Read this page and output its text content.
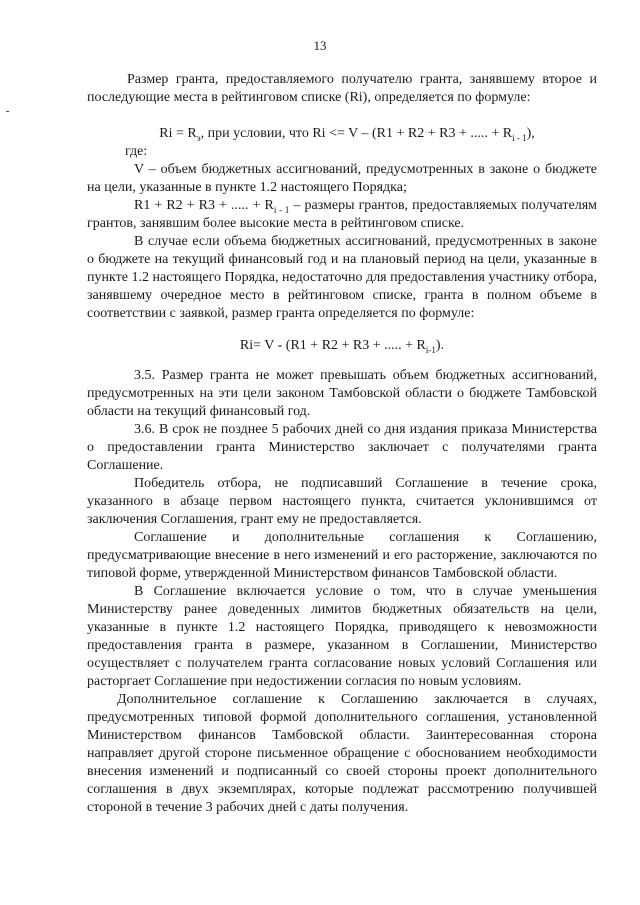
13

Размер гранта, предоставляемого получателю гранта, занявшему второе и последующие места в рейтинговом списке (Ri), определяется по формуле:

$Ri = R_э$, при условии, что Ri <= V – (R1 + R2 + R3 + ..... + $R_{i - 1}$),

где:

V – объем бюджетных ассигнований, предусмотренных в законе о бюджете на цели, указанные в пункте 1.2 настоящего Порядка;

R1 + R2 + R3 + ..... + $R_{i - 1}$ – размеры грантов, предоставляемых получателям грантов, занявшим более высокие места в рейтинговом списке.

В случае если объема бюджетных ассигнований, предусмотренных в законе о бюджете на текущий финансовый год и на плановый период на цели, указанные в пункте 1.2 настоящего Порядка, недостаточно для предоставления участнику отбора, занявшему очередное место в рейтинговом списке, гранта в полном объеме в соответствии с заявкой, размер гранта определяется по формуле:

Ri= V - (R1 + R2 + R3 + ..... + $R_{i-1}$).

3.5. Размер гранта не может превышать объем бюджетных ассигнований, предусмотренных на эти цели законом Тамбовской области о бюджете Тамбовской области на текущий финансовый год.

3.6. В срок не позднее 5 рабочих дней со дня издания приказа Министерства о предоставлении гранта Министерство заключает с получателями гранта Соглашение.

Победитель отбора, не подписавший Соглашение в течение срока, указанного в абзаце первом настоящего пункта, считается уклонившимся от заключения Соглашения, грант ему не предоставляется.

Соглашение и дополнительные соглашения к Соглашению, предусматривающие внесение в него изменений и его расторжение, заключаются по типовой форме, утвержденной Министерством финансов Тамбовской области.

В Соглашение включается условие о том, что в случае уменьшения Министерству ранее доведенных лимитов бюджетных обязательств на цели, указанные в пункте 1.2 настоящего Порядка, приводящего к невозможности предоставления гранта в размере, указанном в Соглашении, Министерство осуществляет с получателем гранта согласование новых условий Соглашения или расторгает Соглашение при недостижении согласия по новым условиям.

Дополнительное соглашение к Соглашению заключается в случаях, предусмотренных типовой формой дополнительного соглашения, установленной Министерством финансов Тамбовской области. Заинтересованная сторона направляет другой стороне письменное обращение с обоснованием необходимости внесения изменений и подписанный со своей стороны проект дополнительного соглашения в двух экземплярах, которые подлежат рассмотрению получившей стороной в течение 3 рабочих дней с даты получения.
